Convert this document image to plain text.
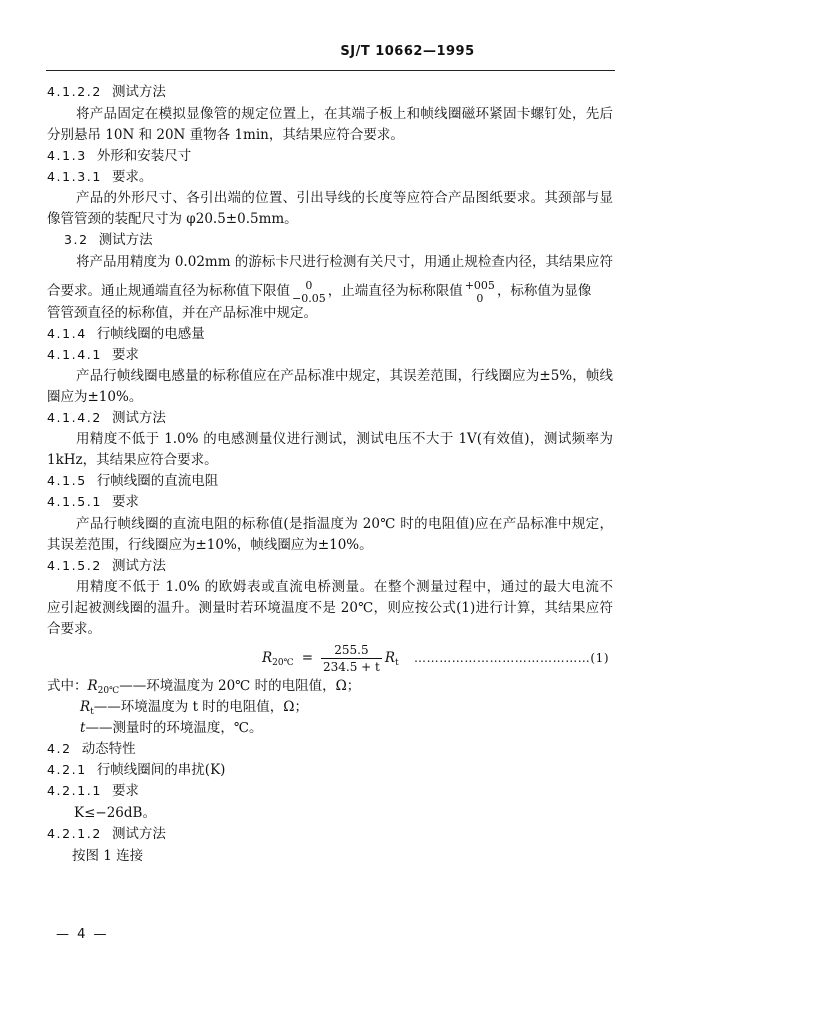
SJ/T 10662—1995
4.1.2.2 测试方法
将产品固定在模拟显像管的规定位置上，在其端子板上和帧线圈磁环紧固卡螺钉处，先后
分别悬吊 10N 和 20N 重物各 1min，其结果应符合要求。
4.1.3 外形和安装尺寸
4.1.3.1 要求。
产品的外形尺寸、各引出端的位置、引出导线的长度等应符合产品图纸要求。其颈部与显
像管管颈的装配尺寸为 φ20.5±0.5mm。
3.2 测试方法
将产品用精度为 0.02mm 的游标卡尺进行检测有关尺寸，用通止规检查内径，其结果应符
合要求。通止规通端直径为标称值下限值	0
−0.05 ，止端直径为标称限值 +005
0	，标称值为显像
管管颈直径的标称值，并在产品标准中规定。
4.1.4 行帧线圈的电感量
4.1.4.1 要求
产品行帧线圈电感量的标称值应在产品标准中规定，其误差范围，行线圈应为±5%，帧线
圈应为±10%。
4.1.4.2 测试方法
用精度不低于 1.0% 的电感测量仪进行测试，测试电压不大于 1V(有效值)，测试频率为
1kHz，其结果应符合要求。
4.1.5 行帧线圈的直流电阻
4.1.5.1 要求
产品行帧线圈的直流电阻的标称值(是指温度为 20℃ 时的电阻值)应在产品标准中规定，
其误差范围，行线圈应为±10%，帧线圈应为±10%。
4.1.5.2 测试方法
用精度不低于 1.0% 的欧姆表或直流电桥测量。在整个测量过程中，通过的最大电流不
应引起被测线圈的温升。测量时若环境温度不是 20℃，则应按公式(1)进行计算，其结果应符
合要求。
$R_{20℃} = \frac{255.5}{234.5 + t} R_t$ ……………………………………(1)
式中：$R_{20℃}——$环境温度为 20℃ 时的电阻值，Ω；
$R_t——$环境温度为 t 时的电阻值，Ω；
t——测量时的环境温度，℃。
4.2 动态特性
4.2.1 行帧线圈间的串扰(K)
4.2.1.1 要求
K≤−26dB。
4.2.1.2 测试方法
按图 1 连接
— 4 —
